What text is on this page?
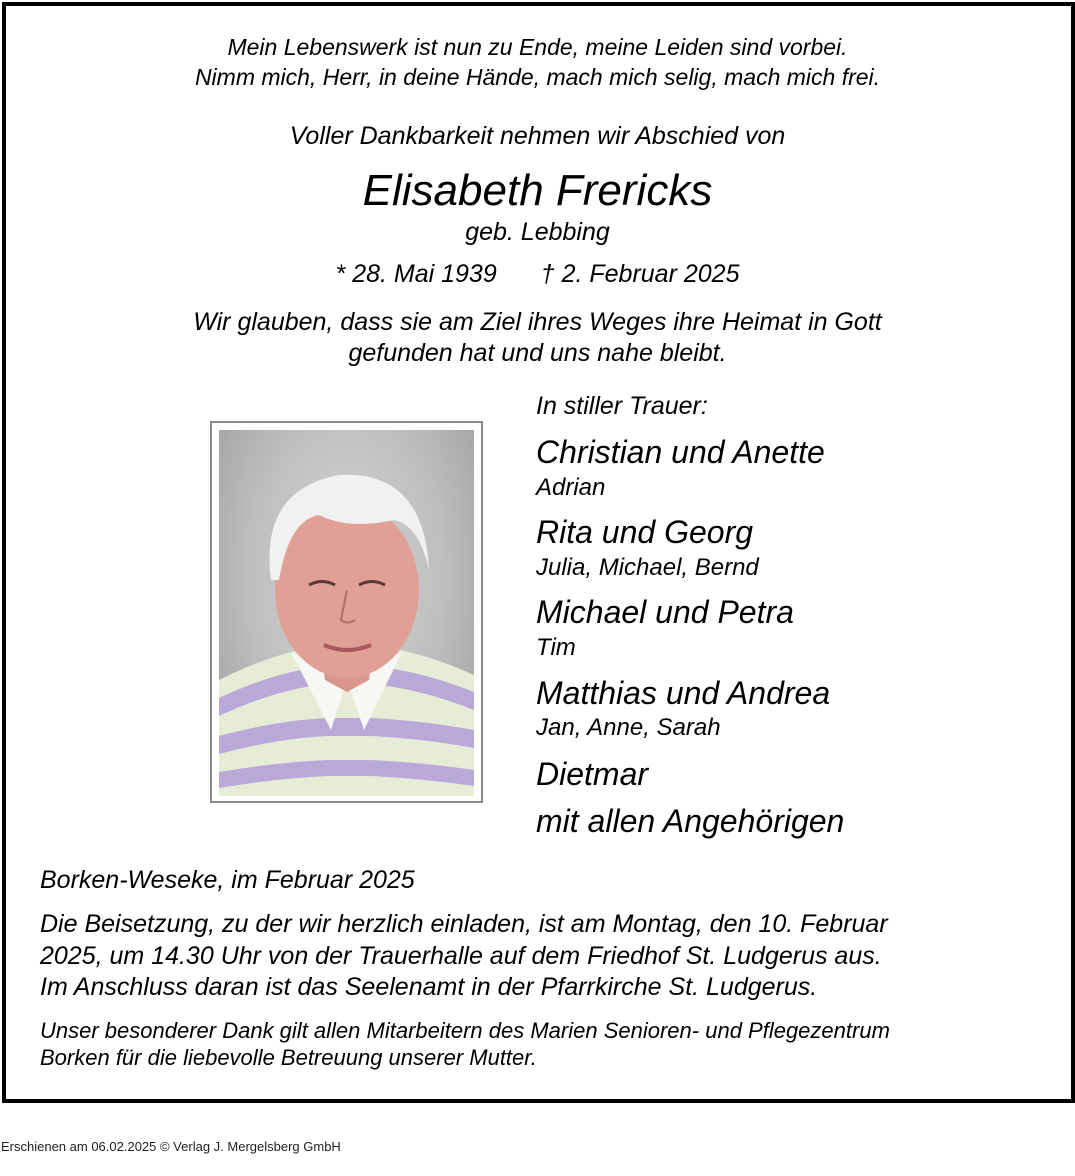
Mein Lebenswerk ist nun zu Ende, meine Leiden sind vorbei.
Nimm mich, Herr, in deine Hände, mach mich selig, mach mich frei.
Voller Dankbarkeit nehmen wir Abschied von
Elisabeth Frericks
geb. Lebbing
* 28. Mai 1939 † 2. Februar 2025
Wir glauben, dass sie am Ziel ihres Weges ihre Heimat in Gott
gefunden hat und uns nahe bleibt.
In stiller Trauer:
Christian und Anette
Adrian
Rita und Georg
Julia, Michael, Bernd
Michael und Petra
Tim
Matthias und Andrea
Jan, Anne, Sarah
Dietmar
mit allen Angehörigen
Borken-Weseke, im Februar 2025
Die Beisetzung, zu der wir herzlich einladen, ist am Montag, den 10. Februar
2025, um 14.30 Uhr von der Trauerhalle auf dem Friedhof St. Ludgerus aus.
Im Anschluss daran ist das Seelenamt in der Pfarrkirche St. Ludgerus.
Unser besonderer Dank gilt allen Mitarbeitern des Marien Senioren- und Pflegezentrum
Borken für die liebevolle Betreuung unserer Mutter.
Erschienen am 06.02.2025 © Verlag J. Mergelsberg GmbH
